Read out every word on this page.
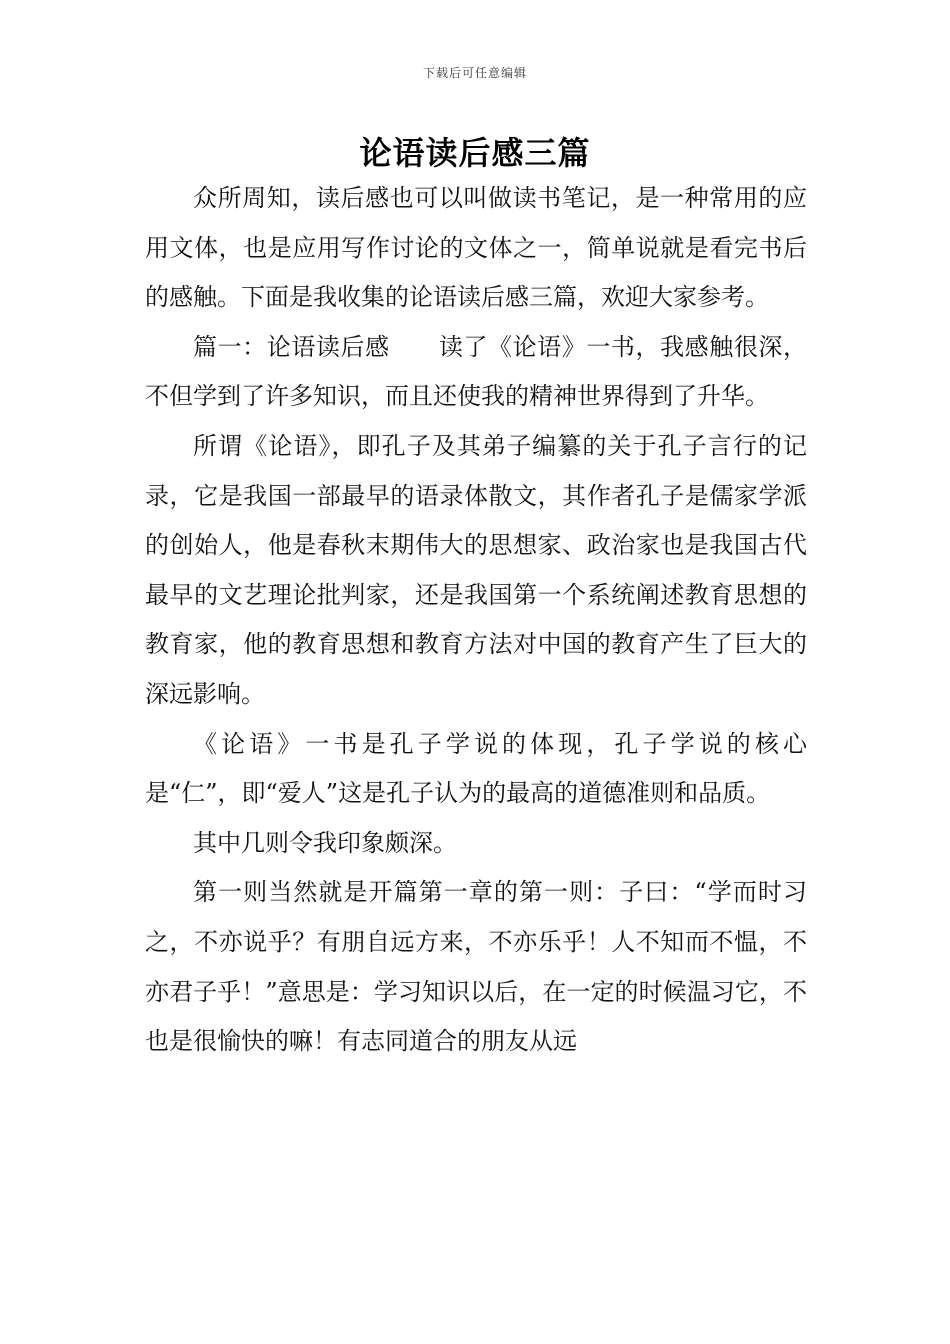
下载后可任意编辑
论语读后感三篇

众所周知，读后感也可以叫做读书笔记，是一种常用的应用文体，也是应用写作讨论的文体之一，简单说就是看完书后的感触。下面是我收集的论语读后感三篇，欢迎大家参考。

篇一：论语读后感　　读了《论语》一书，我感触很深，不但学到了许多知识，而且还使我的精神世界得到了升华。

所谓《论语》，即孔子及其弟子编纂的关于孔子言行的记录，它是我国一部最早的语录体散文，其作者孔子是儒家学派的创始人，他是春秋末期伟大的思想家、政治家也是我国古代最早的文艺理论批判家，还是我国第一个系统阐述教育思想的教育家，他的教育思想和教育方法对中国的教育产生了巨大的深远影响。

《论语》一书是孔子学说的体现，孔子学说的核心是“仁”，即“爱人”这是孔子认为的最高的道德准则和品质。

其中几则令我印象颇深。

第一则当然就是开篇第一章的第一则：子曰：“学而时习之，不亦说乎？有朋自远方来，不亦乐乎！人不知而不愠，不亦君子乎！”意思是：学习知识以后，在一定的时候温习它，不也是很愉快的嘛！有志同道合的朋友从远
